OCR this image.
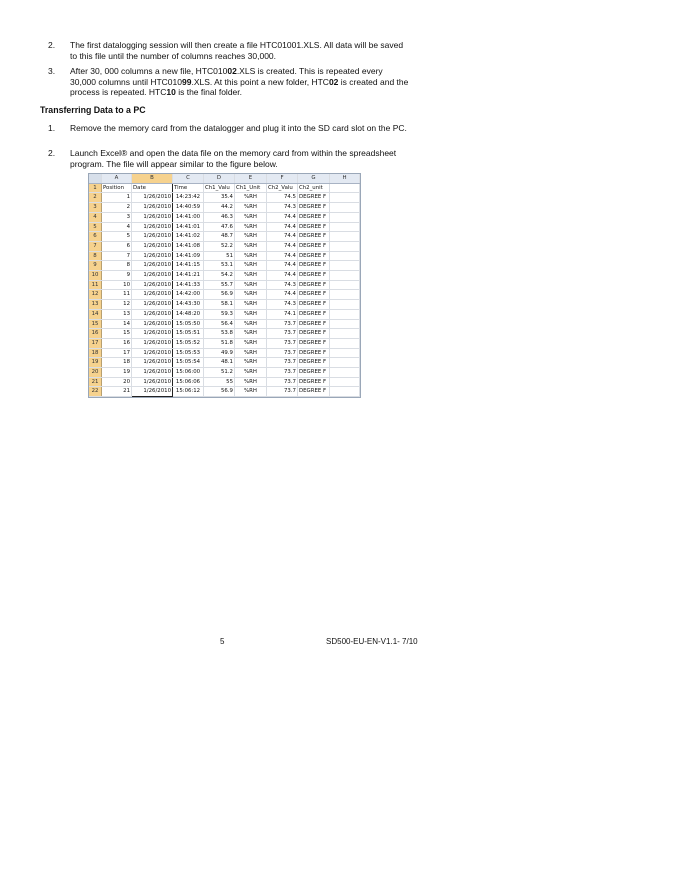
2. The first datalogging session will then create a file HTC01001.XLS. All data will be saved to this file until the number of columns reaches 30,000.
3. After 30, 000 columns a new file, HTC01002.XLS is created. This is repeated every 30,000 columns until HTC01099.XLS. At this point a new folder, HTC02 is created and the process is repeated. HTC10 is the final folder.
Transferring Data to a PC
1. Remove the memory card from the datalogger and plug it into the SD card slot on the PC.
2. Launch Excel® and open the data file on the memory card from within the spreadsheet program. The file will appear similar to the figure below.
	A	B	C	D	E	F	G	H
1	Position	Date	Time	Ch1_Valu	Ch1_Unit	Ch2_Valu	Ch2_unit	
2	1	1/26/2010	14:23:42	35.4	%RH	74.5	DEGREE F	
3	2	1/26/2010	14:40:59	44.2	%RH	74.3	DEGREE F	
4	3	1/26/2010	14:41:00	46.3	%RH	74.4	DEGREE F	
5	4	1/26/2010	14:41:01	47.6	%RH	74.4	DEGREE F	
6	5	1/26/2010	14:41:02	48.7	%RH	74.4	DEGREE F	
7	6	1/26/2010	14:41:08	52.2	%RH	74.4	DEGREE F	
8	7	1/26/2010	14:41:09	51	%RH	74.4	DEGREE F	
9	8	1/26/2010	14:41:15	53.1	%RH	74.4	DEGREE F	
10	9	1/26/2010	14:41:21	54.2	%RH	74.4	DEGREE F	
11	10	1/26/2010	14:41:33	55.7	%RH	74.3	DEGREE F	
12	11	1/26/2010	14:42:00	56.9	%RH	74.4	DEGREE F	
13	12	1/26/2010	14:43:30	58.1	%RH	74.3	DEGREE F	
14	13	1/26/2010	14:48:20	59.3	%RH	74.1	DEGREE F	
15	14	1/26/2010	15:05:50	56.4	%RH	73.7	DEGREE F	
16	15	1/26/2010	15:05:51	53.8	%RH	73.7	DEGREE F	
17	16	1/26/2010	15:05:52	51.8	%RH	73.7	DEGREE F	
18	17	1/26/2010	15:05:53	49.9	%RH	73.7	DEGREE F	
19	18	1/26/2010	15:05:54	48.1	%RH	73.7	DEGREE F	
20	19	1/26/2010	15:06:00	51.2	%RH	73.7	DEGREE F	
21	20	1/26/2010	15:06:06	55	%RH	73.7	DEGREE F	
22	21	1/26/2010	15:06:12	56.9	%RH	73.7	DEGREE F	
5	SD500-EU-EN-V1.1- 7/10
